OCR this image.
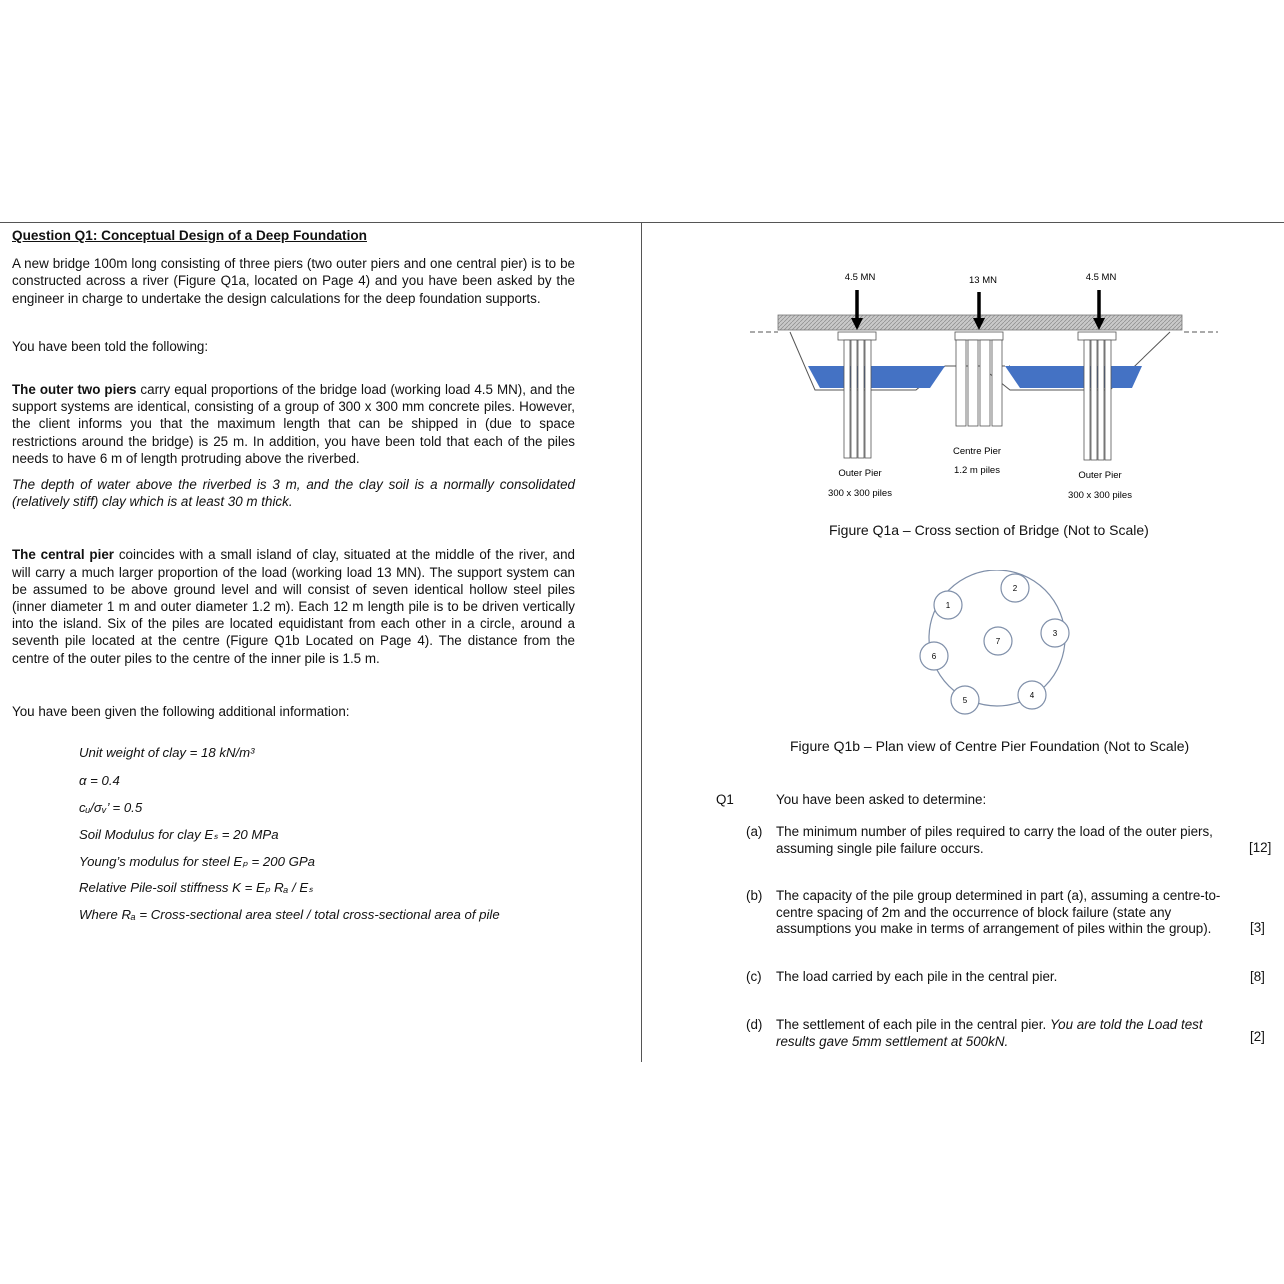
Question Q1: Conceptual Design of a Deep Foundation

A new bridge 100m long consisting of three piers (two outer piers and one central pier) is to be constructed across a river (Figure Q1a, located on Page 4) and you have been asked by the engineer in charge to undertake the design calculations for the deep foundation supports.

You have been told the following:

The outer two piers carry equal proportions of the bridge load (working load 4.5 MN), and the support systems are identical, consisting of a group of 300 x 300 mm concrete piles. However, the client informs you that the maximum length that can be shipped in (due to space restrictions around the bridge) is 25 m. In addition, you have been told that each of the piles needs to have 6 m of length protruding above the riverbed.

The depth of water above the riverbed is 3 m, and the clay soil is a normally consolidated (relatively stiff) clay which is at least 30 m thick.

The central pier coincides with a small island of clay, situated at the middle of the river, and will carry a much larger proportion of the load (working load 13 MN). The support system can be assumed to be above ground level and will consist of seven identical hollow steel piles (inner diameter 1 m and outer diameter 1.2 m). Each 12 m length pile is to be driven vertically into the island. Six of the piles are located equidistant from each other in a circle, around a seventh pile located at the centre (Figure Q1b Located on Page 4). The distance from the centre of the outer piles to the centre of the inner pile is 1.5 m.

You have been given the following additional information:

Unit weight of clay = 18 kN/m³
α = 0.4
cᵤ/σᵥ’ = 0.5
Soil Modulus for clay Eₛ = 20 MPa
Young’s modulus for steel Eₚ = 200 GPa
Relative Pile-soil stiffness K = Eₚ Rₐ / Eₛ
Where Rₐ = Cross-sectional area steel / total cross-sectional area of pile
4.5 MN	13 MN	4.5 MN
Centre Pier
1.2 m piles
Outer Pier
300 x 300 piles
Outer Pier
300 x 300 piles
Figure Q1a – Cross section of Bridge (Not to Scale)
1
2
3
4
5
6
7
Figure Q1b – Plan view of Centre Pier Foundation (Not to Scale)
Q1	You have been asked to determine:
(a) The minimum number of piles required to carry the load of the outer piers, assuming single pile failure occurs.	[12]
(b) The capacity of the pile group determined in part (a), assuming a centre-to-centre spacing of 2m and the occurrence of block failure (state any assumptions you make in terms of arrangement of piles within the group).	[3]
(c) The load carried by each pile in the central pier.	[8]
(d) The settlement of each pile in the central pier. You are told the Load test results gave 5mm settlement at 500kN.	[2]
